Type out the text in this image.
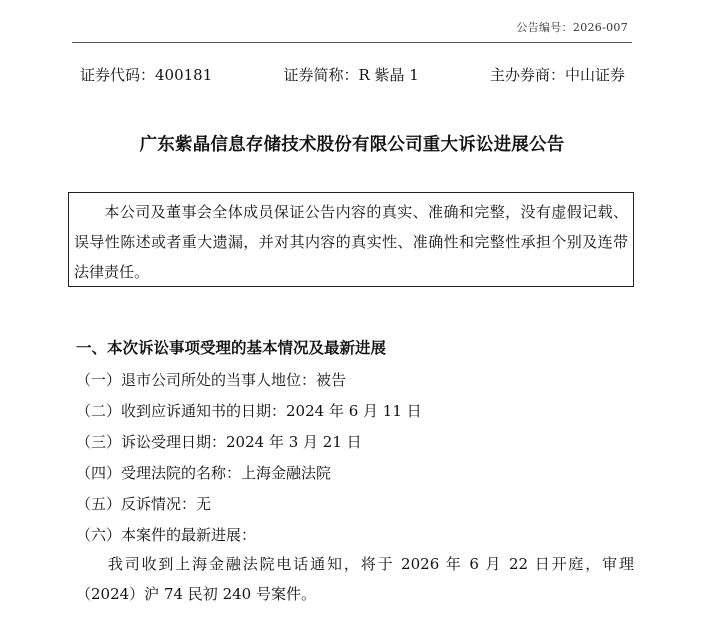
公告编号：2026-007
证券代码：400181	证券简称：R 紫晶 1	主办券商：中山证券
广东紫晶信息存储技术股份有限公司重大诉讼进展公告
本公司及董事会全体成员保证公告内容的真实、准确和完整，没有虚假记载、误导性陈述或者重大遗漏，并对其内容的真实性、准确性和完整性承担个别及连带法律责任。
一、本次诉讼事项受理的基本情况及最新进展
（一）退市公司所处的当事人地位：被告
（二）收到应诉通知书的日期：2024 年 6 月 11 日
（三）诉讼受理日期：2024 年 3 月 21 日
（四）受理法院的名称：上海金融法院
（五）反诉情况：无
（六）本案件的最新进展：
我司收到上海金融法院电话通知，将于 2026 年 6 月 22 日开庭，审理（2024）沪 74 民初 240 号案件。
